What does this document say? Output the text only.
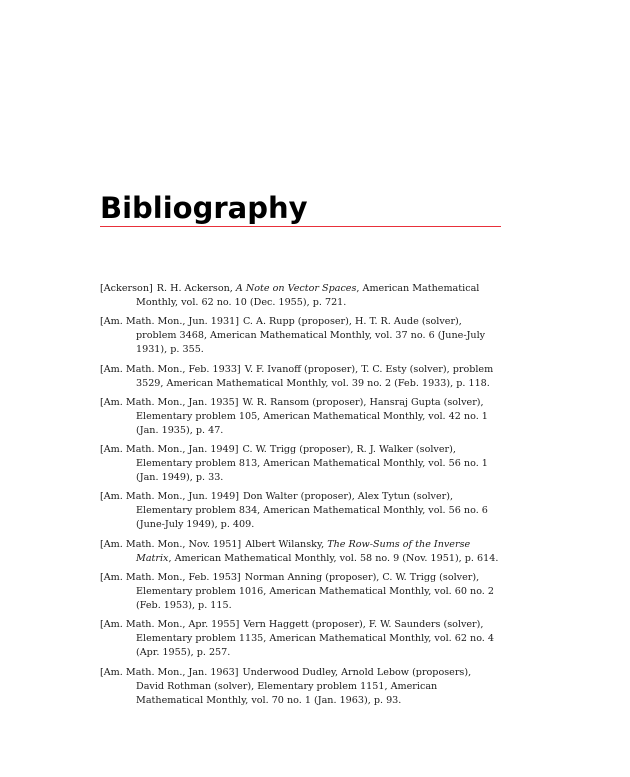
Bibliography
[Ackerson] R. H. Ackerson, A Note on Vector Spaces, American Mathematical Monthly, vol. 62 no. 10 (Dec. 1955), p. 721.
[Am. Math. Mon., Jun. 1931] C. A. Rupp (proposer), H. T. R. Aude (solver), problem 3468, American Mathematical Monthly, vol. 37 no. 6 (June-July 1931), p. 355.
[Am. Math. Mon., Feb. 1933] V. F. Ivanoff (proposer), T. C. Esty (solver), problem 3529, American Mathematical Monthly, vol. 39 no. 2 (Feb. 1933), p. 118.
[Am. Math. Mon., Jan. 1935] W. R. Ransom (proposer), Hansraj Gupta (solver), Elementary problem 105, American Mathematical Monthly, vol. 42 no. 1 (Jan. 1935), p. 47.
[Am. Math. Mon., Jan. 1949] C. W. Trigg (proposer), R. J. Walker (solver), Elementary problem 813, American Mathematical Monthly, vol. 56 no. 1 (Jan. 1949), p. 33.
[Am. Math. Mon., Jun. 1949] Don Walter (proposer), Alex Tytun (solver), Elementary problem 834, American Mathematical Monthly, vol. 56 no. 6 (June-July 1949), p. 409.
[Am. Math. Mon., Nov. 1951] Albert Wilansky, The Row-Sums of the Inverse Matrix, American Mathematical Monthly, vol. 58 no. 9 (Nov. 1951), p. 614.
[Am. Math. Mon., Feb. 1953] Norman Anning (proposer), C. W. Trigg (solver), Elementary problem 1016, American Mathematical Monthly, vol. 60 no. 2 (Feb. 1953), p. 115.
[Am. Math. Mon., Apr. 1955] Vern Haggett (proposer), F. W. Saunders (solver), Elementary problem 1135, American Mathematical Monthly, vol. 62 no. 4 (Apr. 1955), p. 257.
[Am. Math. Mon., Jan. 1963] Underwood Dudley, Arnold Lebow (proposers), David Rothman (solver), Elementary problem 1151, American Mathematical Monthly, vol. 70 no. 1 (Jan. 1963), p. 93.
